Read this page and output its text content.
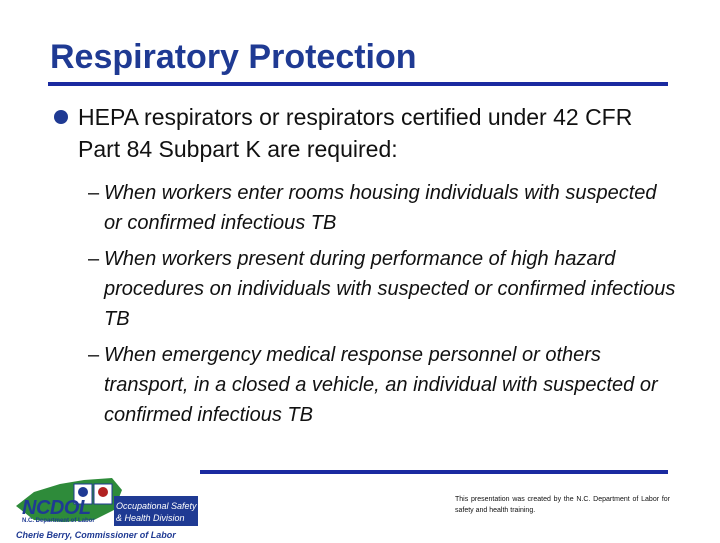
Respiratory Protection
HEPA respirators or respirators certified under 42 CFR Part 84 Subpart K are required:
– When workers enter rooms housing individuals with suspected or confirmed infectious TB
– When workers present during performance of high hazard procedures on individuals with suspected or confirmed infectious TB
– When emergency medical response personnel or others transport, in a closed a vehicle, an individual with suspected or confirmed infectious TB
NCDOL
N.C. Department of Labor
Occupational Safety
& Health Division
Cherie Berry, Commissioner of Labor
This presentation was created by the N.C. Department of Labor for safety and health training.
